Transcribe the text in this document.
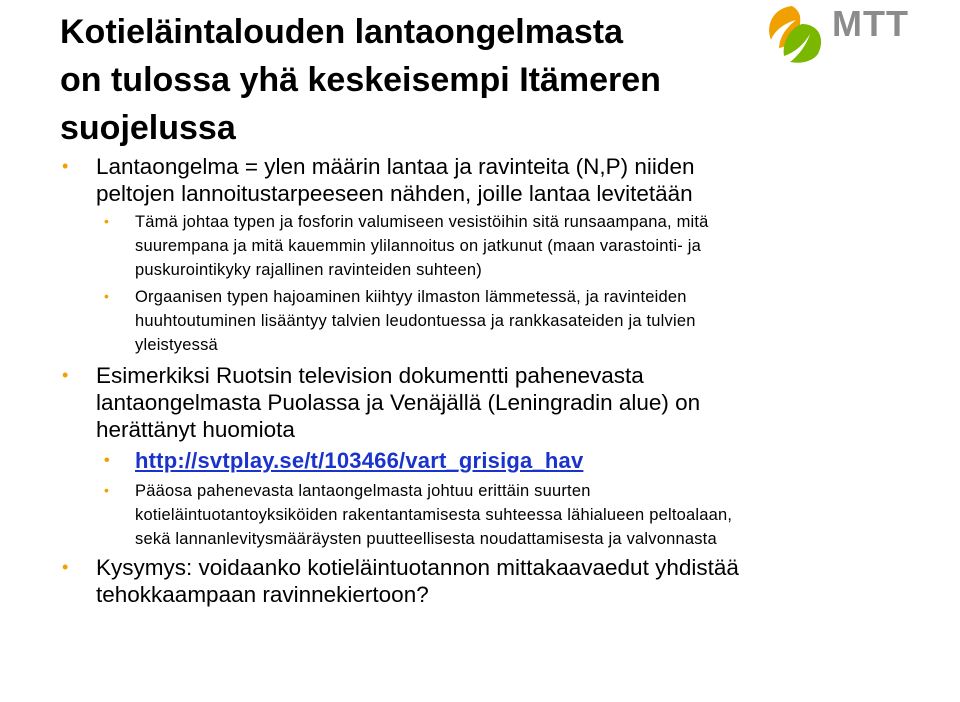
Kotieläintalouden lantaongelmasta
on tulossa yhä keskeisempi Itämeren
suojelussa
MTT
• Lantaongelma = ylen määrin lantaa ja ravinteita (N,P) niiden
peltojen lannoitustarpeeseen nähden, joille lantaa levitetään
• Tämä johtaa typen ja fosforin valumiseen vesistöihin sitä runsaampana, mitä
suurempana ja mitä kauemmin ylilannoitus on jatkunut (maan varastointi- ja
puskurointikyky rajallinen ravinteiden suhteen)
• Orgaanisen typen hajoaminen kiihtyy ilmaston lämmetessä, ja ravinteiden
huuhtoutuminen lisääntyy talvien leudontuessa ja rankkasateiden ja tulvien
yleistyessä
• Esimerkiksi Ruotsin television dokumentti pahenevasta
lantaongelmasta Puolassa ja Venäjällä (Leningradin alue) on
herättänyt huomiota
• http://svtplay.se/t/103466/vart_grisiga_hav
• Pääosa pahenevasta lantaongelmasta johtuu erittäin suurten
kotieläintuotantoyksiköiden rakentantamisesta suhteessa lähialueen peltoalaan,
sekä lannanlevitysmääräysten puutteellisesta noudattamisesta ja valvonnasta
• Kysymys: voidaanko kotieläintuotannon mittakaavaedut yhdistää
tehokkaampaan ravinnekiertoon?
